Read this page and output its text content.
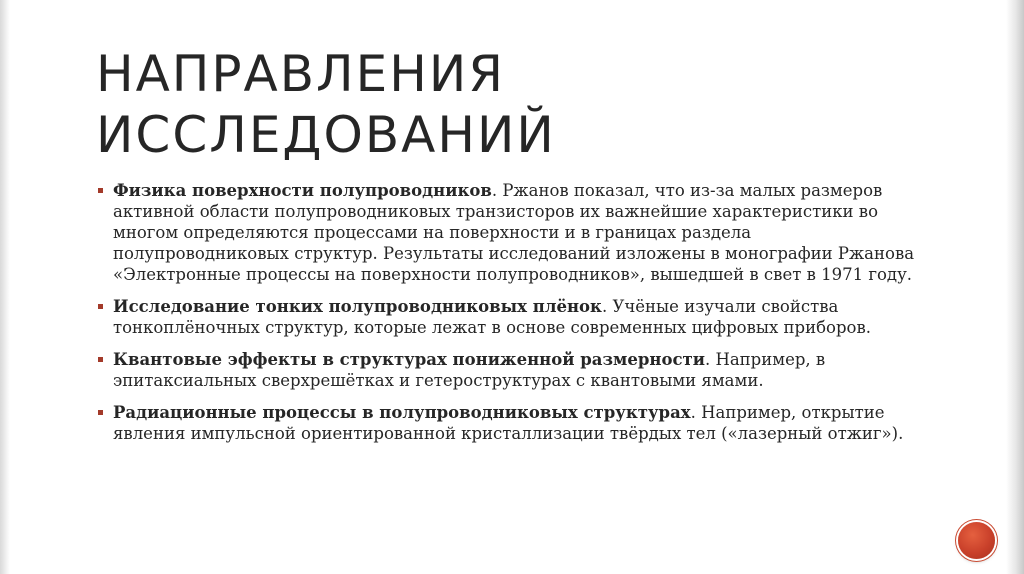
НАПРАВЛЕНИЯ
ИССЛЕДОВАНИЙ
Физика поверхности полупроводников. Ржанов показал, что из-за малых размеров активной области полупроводниковых транзисторов их важнейшие характеристики во многом определяются процессами на поверхности и в границах раздела полупроводниковых структур. Результаты исследований изложены в монографии Ржанова «Электронные процессы на поверхности полупроводников», вышедшей в свет в 1971 году.
Исследование тонких полупроводниковых плёнок. Учёные изучали свойства тонкоплёночных структур, которые лежат в основе современных цифровых приборов.
Квантовые эффекты в структурах пониженной размерности. Например, в эпитаксиальных сверхрешётках и гетероструктурах с квантовыми ямами.
Радиационные процессы в полупроводниковых структурах. Например, открытие явления импульсной ориентированной кристаллизации твёрдых тел («лазерный отжиг»).
